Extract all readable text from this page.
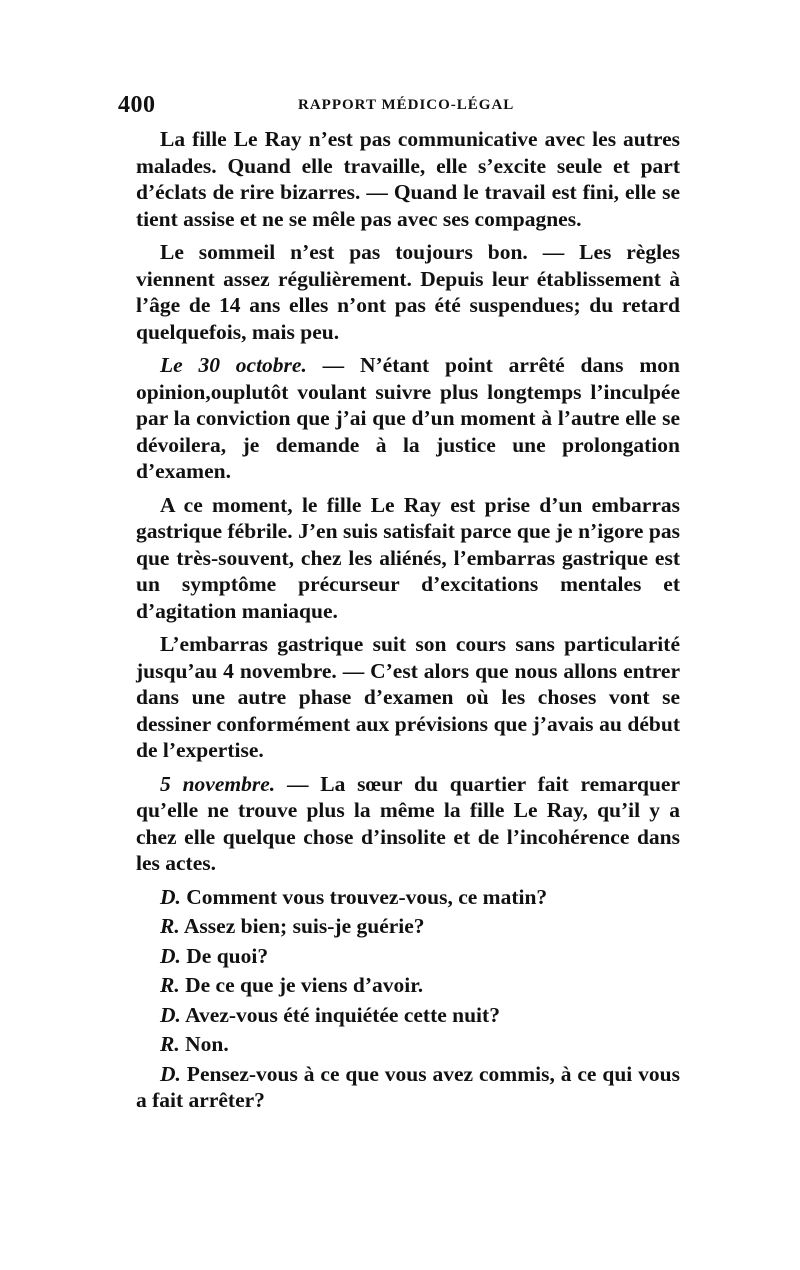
400	RAPPORT MÉDICO-LÉGAL

La fille Le Ray n’est pas communicative avec les autres malades. Quand elle travaille, elle s’excite seule et part d’éclats de rire bizarres. — Quand le travail est fini, elle se tient assise et ne se mêle pas avec ses compagnes.

Le sommeil n’est pas toujours bon. — Les règles viennent assez régulièrement. Depuis leur établissement à l’âge de 14 ans elles n’ont pas été suspendues; du retard quelquefois, mais peu.

Le 30 octobre. — N’étant point arrêté dans mon opinion,ouplutôt voulant suivre plus longtemps l’inculpée par la conviction que j’ai que d’un moment à l’autre elle se dévoilera, je demande à la justice une prolongation d’examen.

A ce moment, le fille Le Ray est prise d’un embarras gastrique fébrile. J’en suis satisfait parce que je n’igore pas que très-souvent, chez les aliénés, l’embarras gastrique est un symptôme précurseur d’excitations mentales et d’agitation maniaque.

L’embarras gastrique suit son cours sans particularité jusqu’au 4 novembre. — C’est alors que nous allons entrer dans une autre phase d’examen où les choses vont se dessiner conformément aux prévisions que j’avais au début de l’expertise.

5 novembre. — La sœur du quartier fait remarquer qu’elle ne trouve plus la même la fille Le Ray, qu’il y a chez elle quelque chose d’insolite et de l’incohérence dans les actes.

D. Comment vous trouvez-vous, ce matin?

R. Assez bien; suis-je guérie?

D. De quoi?

R. De ce que je viens d’avoir.

D. Avez-vous été inquiétée cette nuit?

R. Non.

D. Pensez-vous à ce que vous avez commis, à ce qui vous a fait arrêter?
